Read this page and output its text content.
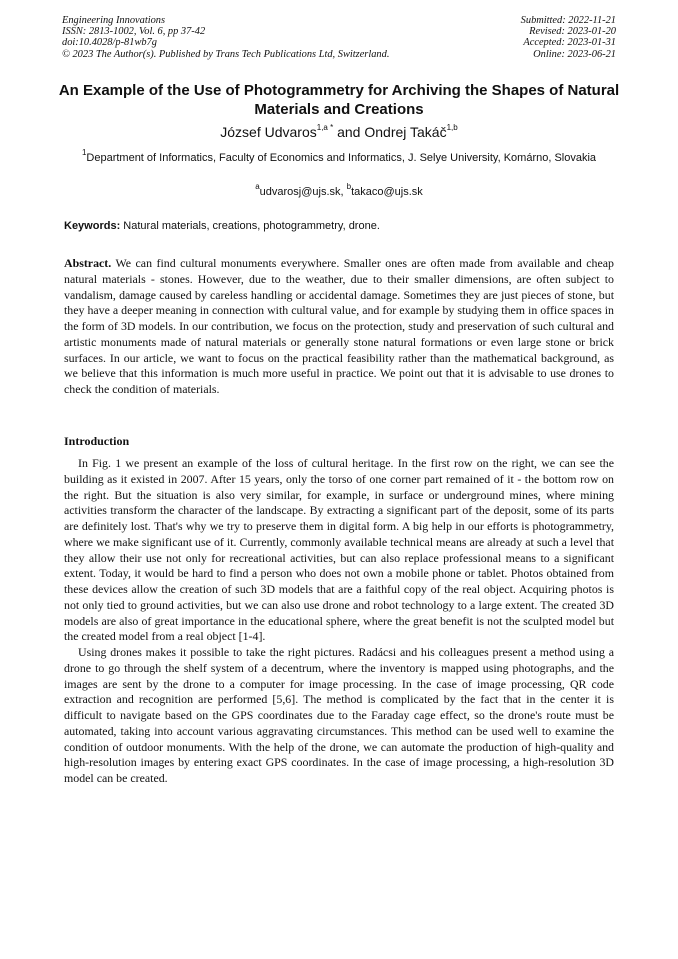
Engineering Innovations	Submitted: 2022-11-21
ISSN: 2813-1002, Vol. 6, pp 37-42	Revised: 2023-01-20
doi:10.4028/p-81wb7g	Accepted: 2023-01-31
© 2023 The Author(s). Published by Trans Tech Publications Ltd, Switzerland.	Online: 2023-06-21
An Example of the Use of Photogrammetry for Archiving the Shapes of Natural Materials and Creations
József Udvaros$^{1,a *}$ and Ondrej Takáč$^{1,b}$
$^1$Department of Informatics, Faculty of Economics and Informatics, J. Selye University, Komárno, Slovakia
$^a$udvarosj@ujs.sk, $^b$takaco@ujs.sk
Keywords: Natural materials, creations, photogrammetry, drone.
Abstract. We can find cultural monuments everywhere. Smaller ones are often made from available and cheap natural materials - stones. However, due to the weather, due to their smaller dimensions, are often subject to vandalism, damage caused by careless handling or accidental damage. Sometimes they are just pieces of stone, but they have a deeper meaning in connection with cultural value, and for example by studying them in office spaces in the form of 3D models. In our contribution, we focus on the protection, study and preservation of such cultural and artistic monuments made of natural materials or generally stone natural formations or even large stone or brick surfaces. In our article, we want to focus on the practical feasibility rather than the mathematical background, as we believe that this information is much more useful in practice. We point out that it is advisable to use drones to check the condition of materials.
Introduction

In Fig. 1 we present an example of the loss of cultural heritage. In the first row on the right, we can see the building as it existed in 2007. After 15 years, only the torso of one corner part remained of it - the bottom row on the right. But the situation is also very similar, for example, in surface or underground mines, where mining activities transform the character of the landscape. By extracting a significant part of the deposit, some of its parts are definitely lost. That's why we try to preserve them in digital form. A big help in our efforts is photogrammetry, where we make significant use of it. Currently, commonly available technical means are already at such a level that they allow their use not only for recreational activities, but can also replace professional means to a significant extent. Today, it would be hard to find a person who does not own a mobile phone or tablet. Photos obtained from these devices allow the creation of such 3D models that are a faithful copy of the real object. Acquiring photos is not only tied to ground activities, but we can also use drone and robot technology to a large extent. The created 3D models are also of great importance in the educational sphere, where the great benefit is not the sculpted model but the created model from a real object [1-4].

Using drones makes it possible to take the right pictures. Radácsi and his colleagues present a method using a drone to go through the shelf system of a decentrum, where the inventory is mapped using photographs, and the images are sent by the drone to a computer for image processing. In the case of image processing, QR code extraction and recognition are performed [5,6]. The method is complicated by the fact that in the center it is difficult to navigate based on the GPS coordinates due to the Faraday cage effect, so the drone's route must be automated, taking into account various aggravating circumstances. This method can be used well to examine the condition of outdoor monuments. With the help of the drone, we can automate the production of high-quality and high-resolution images by entering exact GPS coordinates. In the case of image processing, a high-resolution 3D model can be created.
